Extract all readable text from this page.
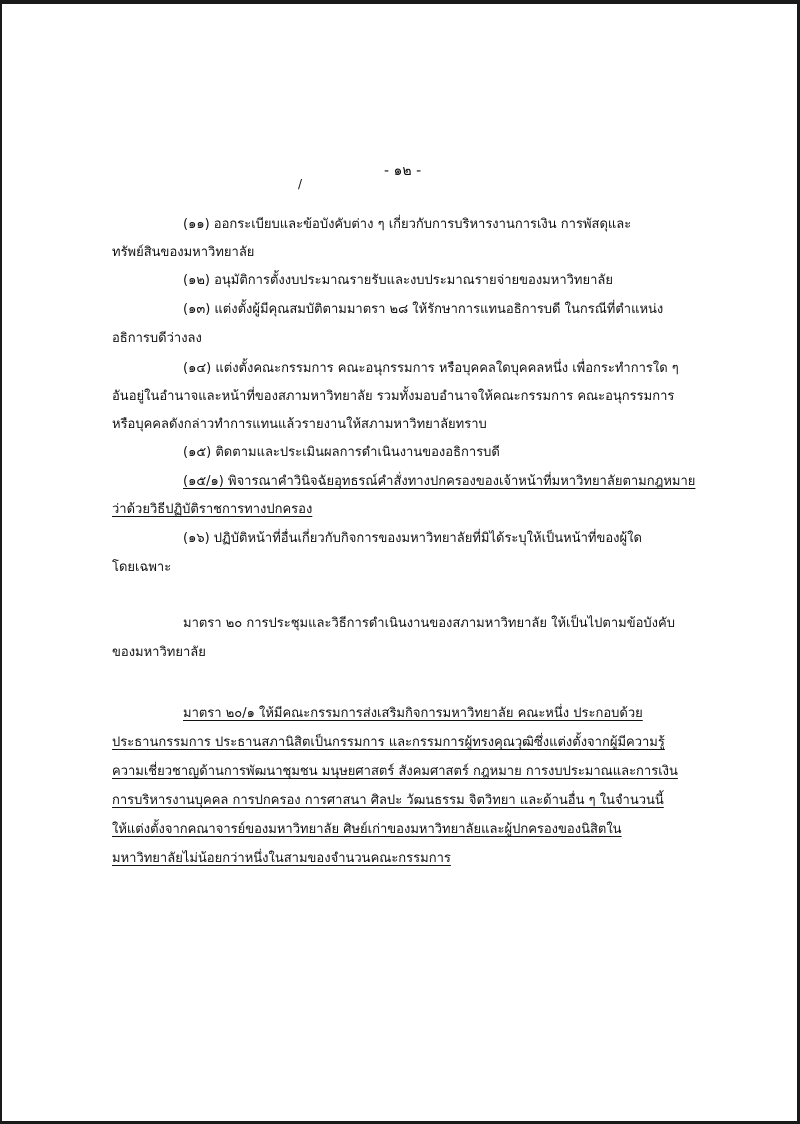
/
- ๑๒ -
(๑๑) ออกระเบียบและข้อบังคับต่าง ๆ เกี่ยวกับการบริหารงานการเงิน การพัสดุและ
ทรัพย์สินของมหาวิทยาลัย
(๑๒) อนุมัติการตั้งงบประมาณรายรับและงบประมาณรายจ่ายของมหาวิทยาลัย
(๑๓) แต่งตั้งผู้มีคุณสมบัติตามมาตรา ๒๘ ให้รักษาการแทนอธิการบดี ในกรณีที่ตำแหน่ง
อธิการบดีว่างลง
(๑๔) แต่งตั้งคณะกรรมการ คณะอนุกรรมการ หรือบุคคลใดบุคคลหนึ่ง เพื่อกระทำการใด ๆ
อันอยู่ในอำนาจและหน้าที่ของสภามหาวิทยาลัย รวมทั้งมอบอำนาจให้คณะกรรมการ คณะอนุกรรมการ
หรือบุคคลดังกล่าวทำการแทนแล้วรายงานให้สภามหาวิทยาลัยทราบ
(๑๕) ติดตามและประเมินผลการดำเนินงานของอธิการบดี
(๑๕/๑) พิจารณาคำวินิจฉัยอุทธรณ์คำสั่งทางปกครองของเจ้าหน้าที่มหาวิทยาลัยตามกฎหมาย
ว่าด้วยวิธีปฏิบัติราชการทางปกครอง
(๑๖) ปฏิบัติหน้าที่อื่นเกี่ยวกับกิจการของมหาวิทยาลัยที่มิได้ระบุให้เป็นหน้าที่ของผู้ใด
โดยเฉพาะ
มาตรา ๒๐ การประชุมและวิธีการดำเนินงานของสภามหาวิทยาลัย ให้เป็นไปตามข้อบังคับ
ของมหาวิทยาลัย
มาตรา ๒๐/๑ ให้มีคณะกรรมการส่งเสริมกิจการมหาวิทยาลัย คณะหนึ่ง ประกอบด้วย
ประธานกรรมการ ประธานสภานิสิตเป็นกรรมการ และกรรมการผู้ทรงคุณวุฒิซึ่งแต่งตั้งจากผู้มีความรู้
ความเชี่ยวชาญด้านการพัฒนาชุมชน มนุษยศาสตร์ สังคมศาสตร์ กฎหมาย การงบประมาณและการเงิน
การบริหารงานบุคคล การปกครอง การศาสนา ศิลปะ วัฒนธรรม จิตวิทยา และด้านอื่น ๆ ในจำนวนนี้
ให้แต่งตั้งจากคณาจารย์ของมหาวิทยาลัย ศิษย์เก่าของมหาวิทยาลัยและผู้ปกครองของนิสิตใน
มหาวิทยาลัยไม่น้อยกว่าหนึ่งในสามของจำนวนคณะกรรมการ
